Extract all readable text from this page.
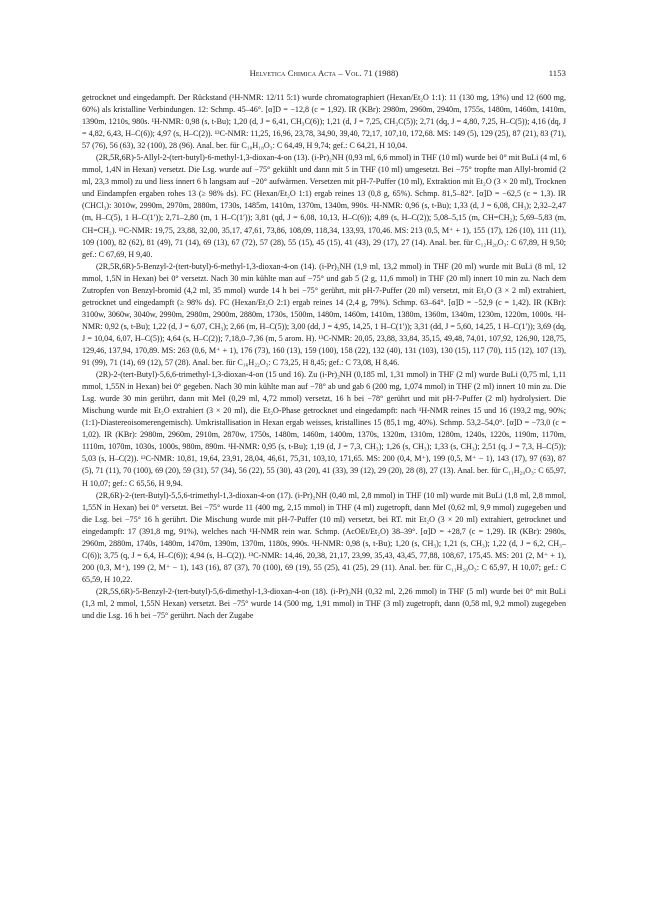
Helvetica Chimica Acta – Vol. 71 (1988)	1153

getrocknet und eingedampft. Der Rückstand (¹H-NMR: 12/11 5:1) wurde chromatographiert (Hexan/Et₂O 1:1): 11 (130 mg, 13%) und 12 (600 mg, 60%) als kristalline Verbindungen. 12: Schmp. 45–46°. [α]D = −12,8 (c = 1,92). IR (KBr): 2980m, 2960m, 2940m, 1755s, 1480m, 1460m, 1410m, 1390m, 1210s, 980s. ¹H-NMR: 0,98 (s, t-Bu); 1,20 (d, J = 6,41, CH₃C(6)); 1,21 (d, J = 7,25, CH₃C(5)); 2,71 (dq, J = 4,80, 7,25, H–C(5)); 4,16 (dq, J = 4,82, 6,43, H–C(6)); 4,97 (s, H–C(2)). ¹³C-NMR: 11,25, 16,96, 23,78, 34,90, 39,40, 72,17, 107,10, 172,68. MS: 149 (5), 129 (25), 87 (21), 83 (71), 57 (76), 56 (63), 32 (100), 28 (96). Anal. ber. für C₁₀H₁₈O₃: C 64,49, H 9,74; gef.: C 64,21, H 10,04.

(2R,5R,6R)-5-Allyl-2-(tert-butyl)-6-methyl-1,3-dioxan-4-on (13). (i-Pr)₂NH (0,93 ml, 6,6 mmol) in THF (10 ml) wurde bei 0° mit BuLi (4 ml, 6 mmol, 1,4N in Hexan) versetzt. Die Lsg. wurde auf −75° gekühlt und dann mit 5 in THF (10 ml) umgesetzt. Bei −75° tropfte man Allyl-bromid (2 ml, 23,3 mmol) zu und liess innert 6 h langsam auf −20° aufwärmen. Versetzen mit pH-7-Puffer (10 ml), Extraktion mit Et₂O (3 × 20 ml), Trocknen und Eindampfen ergaben rohes 13 (≥ 98% ds). FC (Hexan/Et₂O 1:1) ergab reines 13 (0,8 g, 65%). Schmp. 81,5–82°. [α]D = −62,5 (c = 1,3). IR (CHCl₃): 3010w, 2990m, 2970m, 2880m, 1730s, 1485m, 1410m, 1370m, 1340m, 990s. ¹H-NMR: 0,96 (s, t-Bu); 1,33 (d, J = 6,08, CH₃); 2,32–2,47 (m, H–C(5), 1 H–C(1′)); 2,71–2,80 (m, 1 H–C(1′)); 3,81 (qd, J = 6,08, 10,13, H–C(6)); 4,89 (s, H–C(2)); 5,08–5,15 (m, CH=CH₂); 5,69–5,83 (m, CH=CH₂). ¹³C-NMR: 19,75, 23,88, 32,00, 35,17, 47,61, 73,86, 108,09, 118,34, 133,93, 170,46. MS: 213 (0,5, M⁺ + 1), 155 (17), 126 (10), 111 (11), 109 (100), 82 (62), 81 (49), 71 (14), 69 (13), 67 (72), 57 (28), 55 (15), 45 (15), 41 (43), 29 (17), 27 (14). Anal. ber. für C₁₂H₂₀O₃: C 67,89, H 9,50; gef.: C 67,69, H 9,40.

(2R,5R,6R)-5-Benzyl-2-(tert-butyl)-6-methyl-1,3-dioxan-4-on (14). (i-Pr)₂NH (1,9 ml, 13,2 mmol) in THF (20 ml) wurde mit BuLi (8 ml, 12 mmol, 1,5N in Hexan) bei 0° versetzt. Nach 30 min kühlte man auf −75° und gab 5 (2 g, 11,6 mmol) in THF (20 ml) innert 10 min zu. Nach dem Zutropfen von Benzyl-bromid (4,2 ml, 35 mmol) wurde 14 h bei −75° gerührt, mit pH-7-Puffer (20 ml) versetzt, mit Et₂O (3 × 2 ml) extrahiert, getrocknet und eingedampft (≥ 98% ds). FC (Hexan/Et₂O 2:1) ergab reines 14 (2,4 g, 79%). Schmp. 63–64°. [α]D = −52,9 (c = 1,42). IR (KBr): 3100w, 3060w, 3040w, 2990m, 2980m, 2900m, 2880m, 1730s, 1500m, 1480m, 1460m, 1410m, 1380m, 1360m, 1340m, 1230m, 1220m, 1000s. ¹H-NMR: 0,92 (s, t-Bu); 1,22 (d, J = 6,07, CH₃); 2,66 (m, H–C(5)); 3,00 (dd, J = 4,95, 14,25, 1 H–C(1′)); 3,31 (dd, J = 5,60, 14,25, 1 H–C(1′)); 3,69 (dq, J = 10,04, 6,07, H–C(5)); 4,64 (s, H–C(2)); 7,18,0–7,36 (m, 5 arom. H). ¹³C-NMR: 20,05, 23,88, 33,84, 35,15, 49,48, 74,01, 107,92, 126,90, 128,75, 129,46, 137,94, 170,89. MS: 263 (0,6, M⁺ + 1), 176 (73), 160 (13), 159 (100), 158 (22), 132 (40), 131 (103), 130 (15), 117 (70), 115 (12), 107 (13), 91 (99), 71 (14), 69 (12), 57 (28). Anal. ber. für C₁₆H₂₂O₃: C 73,25, H 8,45; gef.: C 73,08, H 8,46.

(2R)-2-(tert-Butyl)-5,6,6-trimethyl-1,3-dioxan-4-on (15 und 16). Zu (i-Pr)₂NH (0,185 ml, 1,31 mmol) in THF (2 ml) wurde BuLi (0,75 ml, 1,11 mmol, 1,55N in Hexan) bei 0° gegeben. Nach 30 min kühlte man auf −78° ab und gab 6 (200 mg, 1,074 mmol) in THF (2 ml) innert 10 min zu. Die Lsg. wurde 30 min gerührt, dann mit MeI (0,29 ml, 4,72 mmol) versetzt, 16 h bei −78° gerührt und mit pH-7-Puffer (2 ml) hydrolysiert. Die Mischung wurde mit Et₂O extrahiert (3 × 20 ml), die Et₂O-Phase getrocknet und eingedampft: nach ¹H-NMR reines 15 und 16 (193,2 mg, 90%; (1:1)-Diastereoisomerengemisch). Umkristallisation in Hexan ergab weisses, kristallines 15 (85,1 mg, 40%). Schmp. 53,2–54,0°. [α]D = −73,0 (c = 1,02). IR (KBr): 2980m, 2960m, 2910m, 2870w, 1750s, 1480m, 1460m, 1400m, 1370s, 1320m, 1310m, 1280m, 1240s, 1220s, 1190m, 1170m, 1110m, 1070m, 1030s, 1000s, 980m, 890m. ¹H-NMR: 0,95 (s, t-Bu); 1,19 (d, J = 7,3, CH₃); 1,26 (s, CH₃); 1,33 (s, CH₃); 2,51 (q, J = 7,3, H–C(5)); 5,03 (s, H–C(2)). ¹³C-NMR: 10,81, 19,64, 23,91, 28,04, 46,61, 75,31, 103,10, 171,65. MS: 200 (0,4, M⁺), 199 (0,5, M⁺ − 1), 143 (17), 97 (63), 87 (5), 71 (11), 70 (100), 69 (20), 59 (31), 57 (34), 56 (22), 55 (30), 43 (20), 41 (33), 39 (12), 29 (20), 28 (8), 27 (13). Anal. ber. für C₁₁H₂₀O₃: C 65,97, H 10,07; gef.: C 65,56, H 9,94.

(2R,6R)-2-(tert-Butyl)-5,5,6-trimethyl-1,3-dioxan-4-on (17). (i-Pr)₂NH (0,40 ml, 2,8 mmol) in THF (10 ml) wurde mit BuLi (1,8 ml, 2,8 mmol, 1,55N in Hexan) bei 0° versetzt. Bei −75° wurde 11 (400 mg, 2,15 mmol) in THF (4 ml) zugetropft, dann MeI (0,62 ml, 9,9 mmol) zugegeben und die Lsg. bei −75° 16 h gerührt. Die Mischung wurde mit pH-7-Puffer (10 ml) versetzt, bei RT. mit Et₂O (3 × 20 ml) extrahiert, getrocknet und eingedampft: 17 (391,8 mg, 91%), welches nach ¹H-NMR rein war. Schmp. (AcOEt/Et₂O) 38–39°. [α]D = +28,7 (c = 1,29). IR (KBr): 2980s, 2960m, 2880m, 1740s, 1480m, 1470m, 1390m, 1370m, 1180s, 990s. ¹H-NMR: 0,98 (s, t-Bu); 1,20 (s, CH₃); 1,21 (s, CH₃); 1,22 (d, J = 6,2, CH₃–C(6)); 3,75 (q, J = 6,4, H–C(6)); 4,94 (s, H–C(2)). ¹³C-NMR: 14,46, 20,38, 21,17, 23,99, 35,43, 43,45, 77,88, 108,67, 175,45. MS: 201 (2, M⁺ + 1), 200 (0,3, M⁺), 199 (2, M⁺ − 1), 143 (16), 87 (37), 70 (100), 69 (19), 55 (25), 41 (25), 29 (11). Anal. ber. für C₁₁H₂₀O₃: C 65,97, H 10,07; gef.: C 65,59, H 10,22.

(2R,5S,6R)-5-Benzyl-2-(tert-butyl)-5,6-dimethyl-1,3-dioxan-4-on (18). (i-Pr)₂NH (0,32 ml, 2,26 mmol) in THF (5 ml) wurde bei 0° mit BuLi (1,3 ml, 2 mmol, 1,55N Hexan) versetzt. Bei −75° wurde 14 (500 mg, 1,91 mmol) in THF (3 ml) zugetropft, dann (0,58 ml, 9,2 mmol) zugegeben und die Lsg. 16 h bei −75° gerührt. Nach der Zugabe
